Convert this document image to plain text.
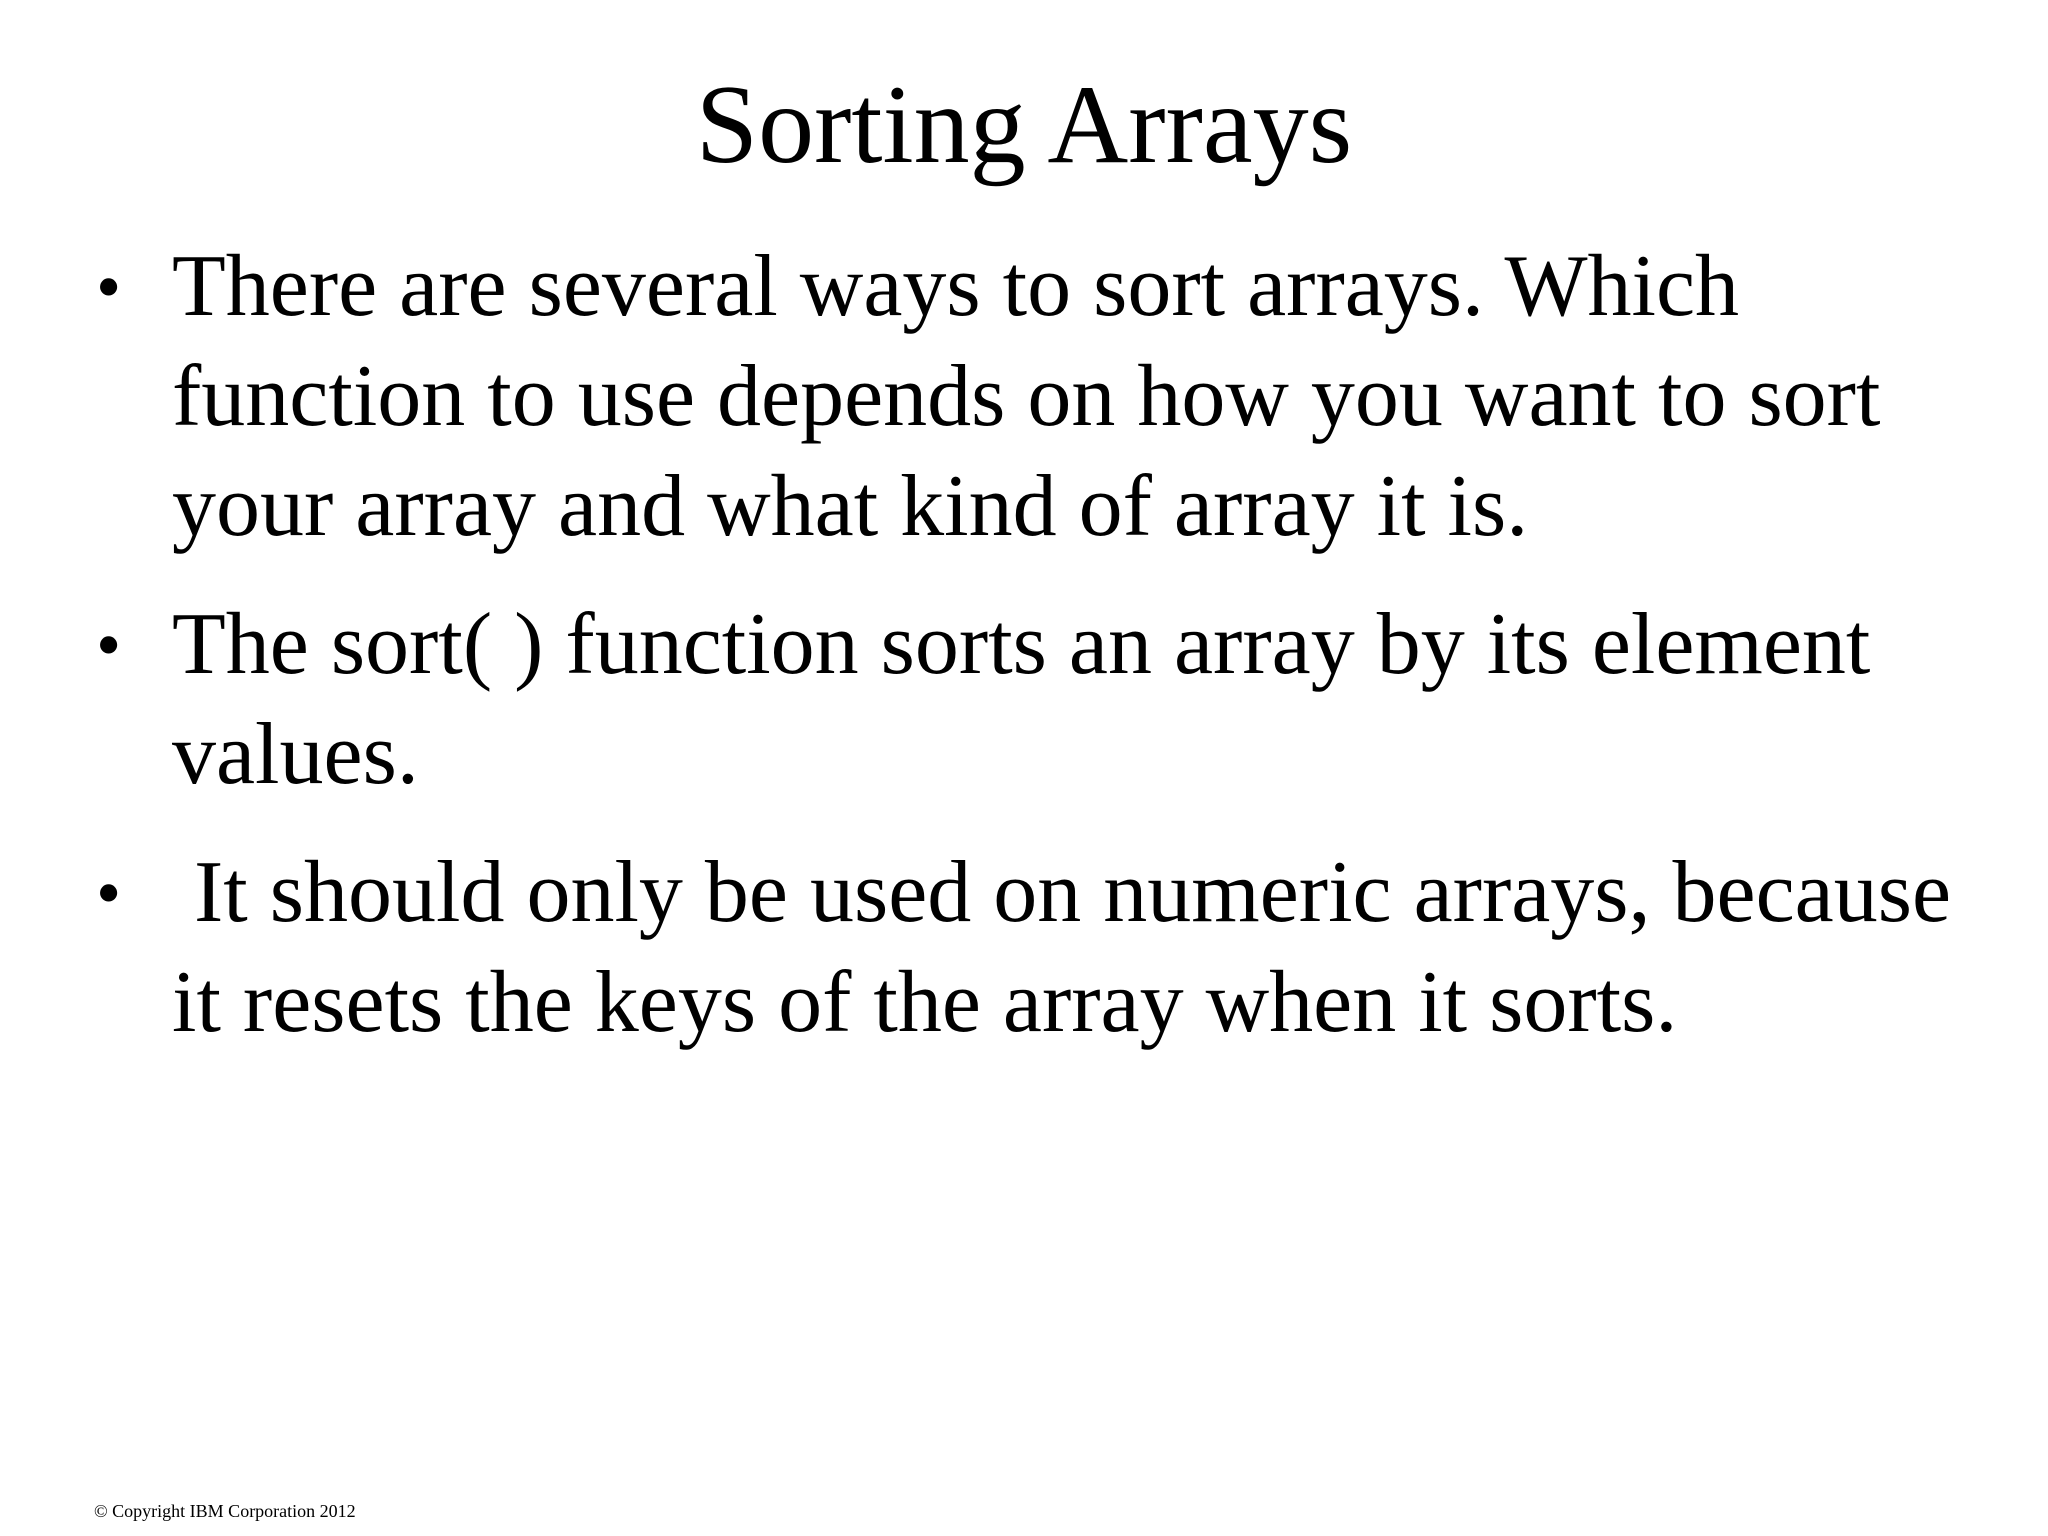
Sorting Arrays
• There are several ways to sort arrays. Which function to use depends on how you want to sort your array and what kind of array it is.
• The sort( ) function sorts an array by its element values.
• It should only be used on numeric arrays, because it resets the keys of the array when it sorts.
© Copyright IBM Corporation 2012
